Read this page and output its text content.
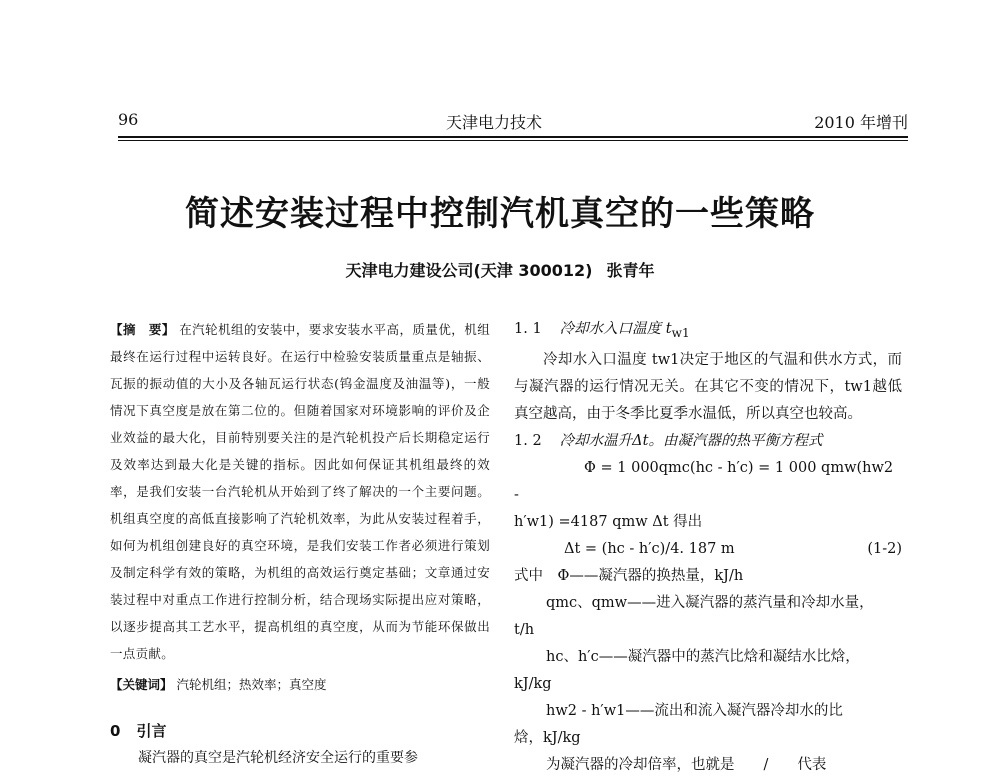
96	天津电力技术	2010 年增刊
简述安装过程中控制汽机真空的一些策略
天津电力建设公司(天津 300012) 张青年

【摘　要】 在汽轮机组的安装中，要求安装水平高，质量优，机组最终在运行过程中运转良好。在运行中检验安装质量重点是轴振、瓦振的振动值的大小及各轴瓦运行状态(钨金温度及油温等)，一般情况下真空度是放在第二位的。但随着国家对环境影响的评价及企业效益的最大化，目前特别要关注的是汽轮机投产后长期稳定运行及效率达到最大化是关键的指标。因此如何保证其机组最终的效率，是我们安装一台汽轮机从开始到了终了解决的一个主要问题。机组真空度的高低直接影响了汽轮机效率，为此从安装过程着手，如何为机组创建良好的真空环境，是我们安装工作者必须进行策划及制定科学有效的策略，为机组的高效运行奠定基础；文章通过安装过程中对重点工作进行控制分析，结合现场实际提出应对策略，以逐步提高其工艺水平，提高机组的真空度，从而为节能环保做出一点贡献。

【关键词】 汽轮机组；热效率；真空度

0 引言

凝汽器的真空是汽轮机经济安全运行的重要参

1. 1 冷却水入口温度 $t_{w1}$

冷却水入口温度 tw1决定于地区的气温和供水方式，而与凝汽器的运行情况无关。在其它不变的情况下，tw1越低真空越高，由于冬季比夏季水温低，所以真空也较高。

1. 2 冷却水温升Δt。由凝汽器的热平衡方程式

Φ = 1 000qmc(hc - h′c) = 1 000 qmw(hw2 -

h′w1) =4187 qmw Δt 得出

Δt = (hc - h′c)/4. 187 m	(1-2)

式中　Φ——凝汽器的换热量，kJ/h

qmc、qmw——进入凝汽器的蒸汽量和冷却水量，

t/h

hc、h′c——凝汽器中的蒸汽比焓和凝结水比焓，

kJ/kg

hw2 - h′w1——流出和流入凝汽器冷却水的比

焓，kJ/kg

为凝汽器的冷却倍率，也就是　　/　　代表
